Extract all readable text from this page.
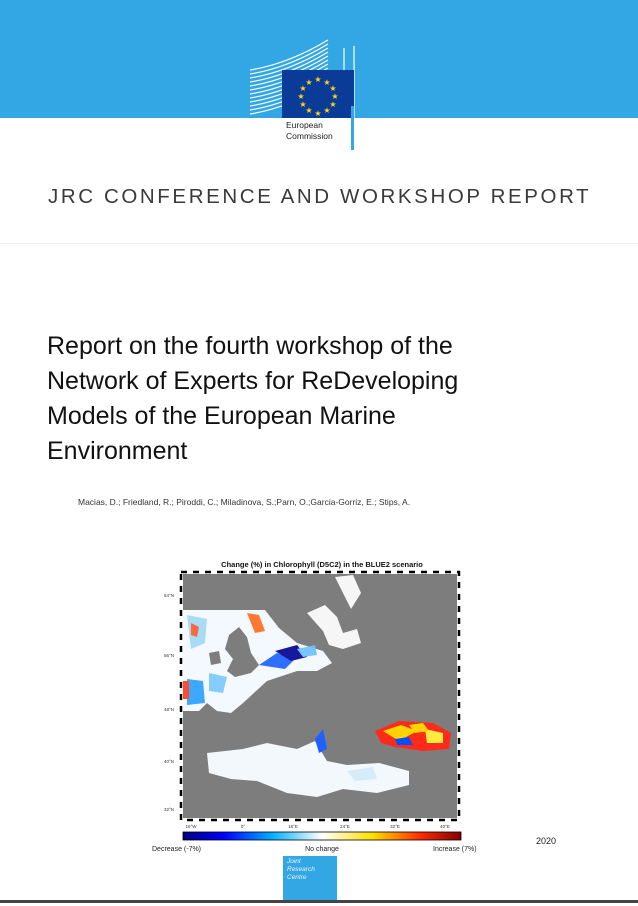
★ ★
★
★
★
★
★
★
★
★
★
★
European
Commission
JRC CONFERENCE AND WORKSHOP REPORT
Report on the fourth workshop of the
Network of Experts for ReDeveloping
Models of the European Marine
Environment
Macias, D.; Friedland, R.; Piroddi, C.; Miladinova, S.;Parn, O.;Garcia-Gorriz, E.; Stips, A.
Change (%) in Chlorophyll (D5C2) in the BLUE2 scenario
64°N
56°N
48°N
40°N
32°N
16°W	0°	16°E	24°E	32°E	40°E
Decrease (-7%)	No change	Increase (7%)
2020
Joint
Research
Centre
